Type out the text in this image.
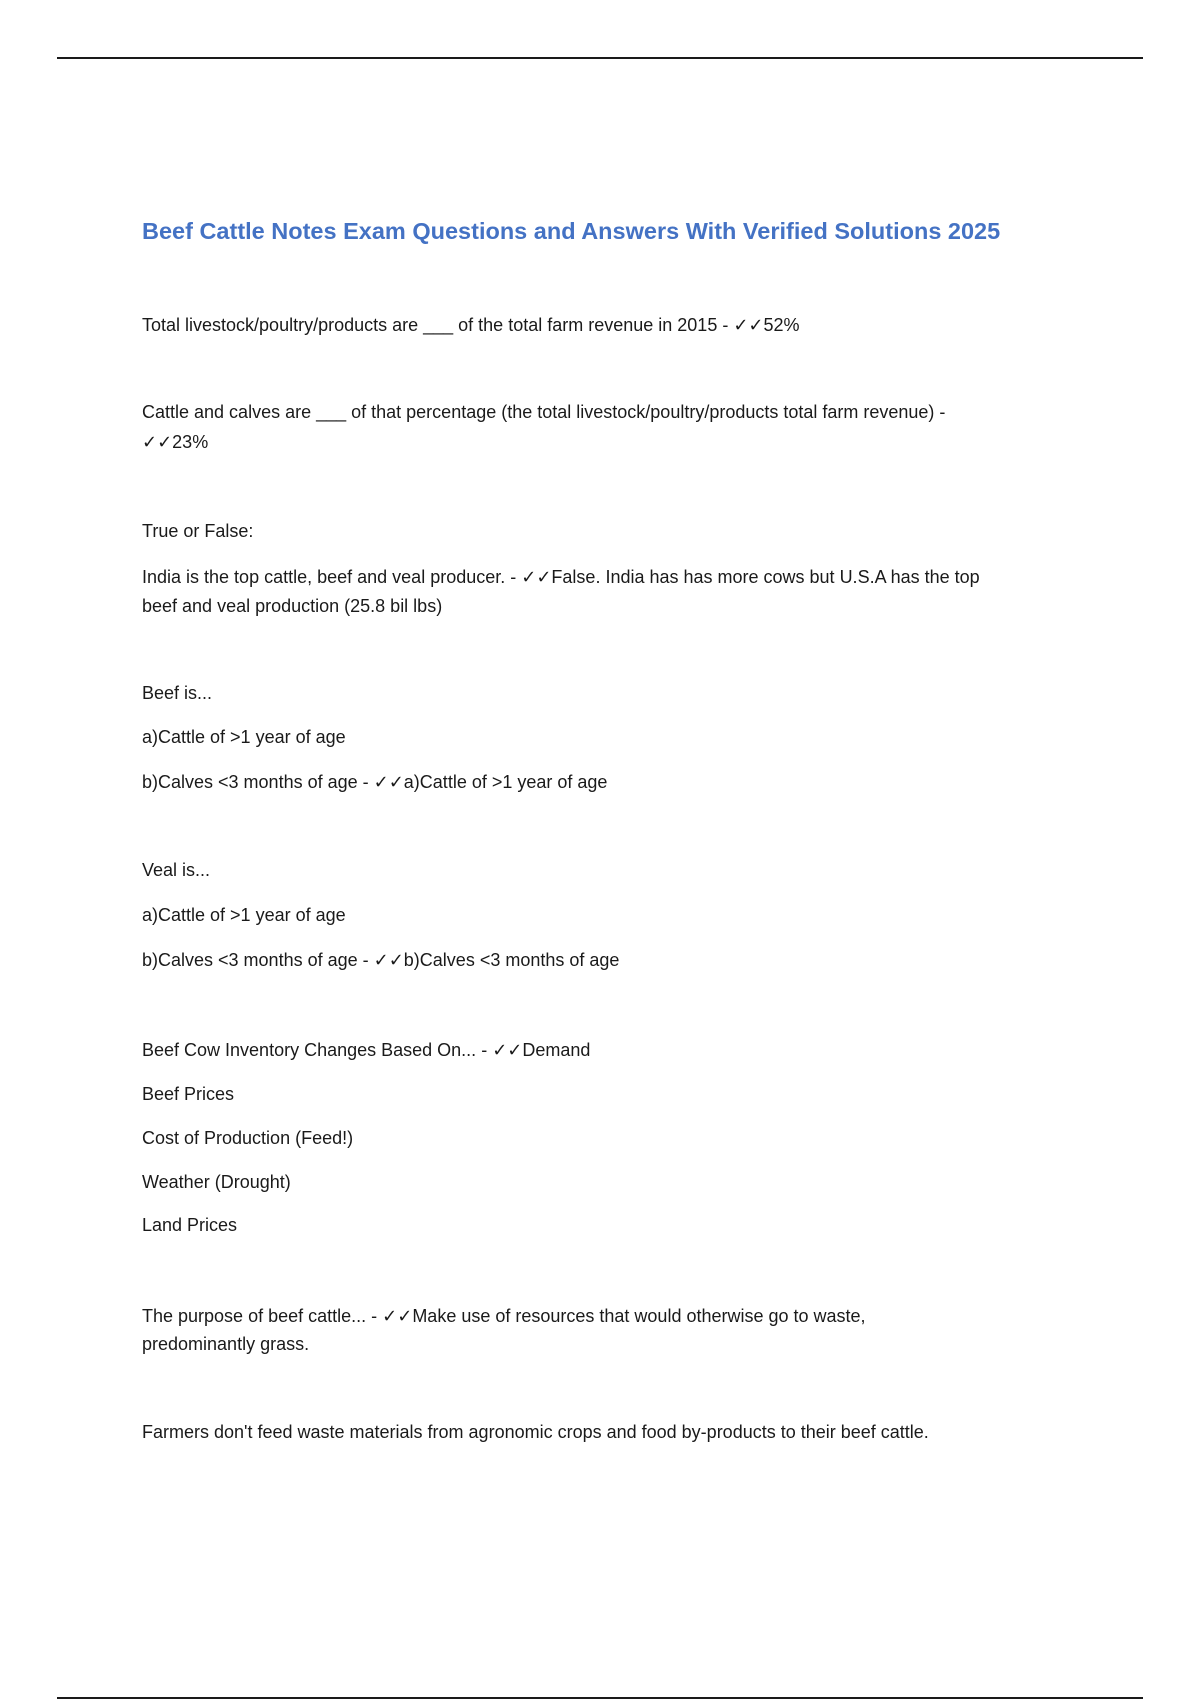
Beef Cattle Notes Exam Questions and Answers With Verified Solutions 2025

Total livestock/poultry/products are ___ of the total farm revenue in 2015 - ✓✓52%

Cattle and calves are ___ of that percentage (the total livestock/poultry/products total farm revenue) -

✓✓23%

True or False:

India is the top cattle, beef and veal producer. - ✓✓False. India has has more cows but U.S.A has the top

beef and veal production (25.8 bil lbs)

Beef is...

a)Cattle of >1 year of age

b)Calves <3 months of age - ✓✓a)Cattle of >1 year of age

Veal is...

a)Cattle of >1 year of age

b)Calves <3 months of age - ✓✓b)Calves <3 months of age

Beef Cow Inventory Changes Based On... - ✓✓Demand

Beef Prices

Cost of Production (Feed!)

Weather (Drought)

Land Prices

The purpose of beef cattle... - ✓✓Make use of resources that would otherwise go to waste,

predominantly grass.

Farmers don't feed waste materials from agronomic crops and food by-products to their beef cattle.
